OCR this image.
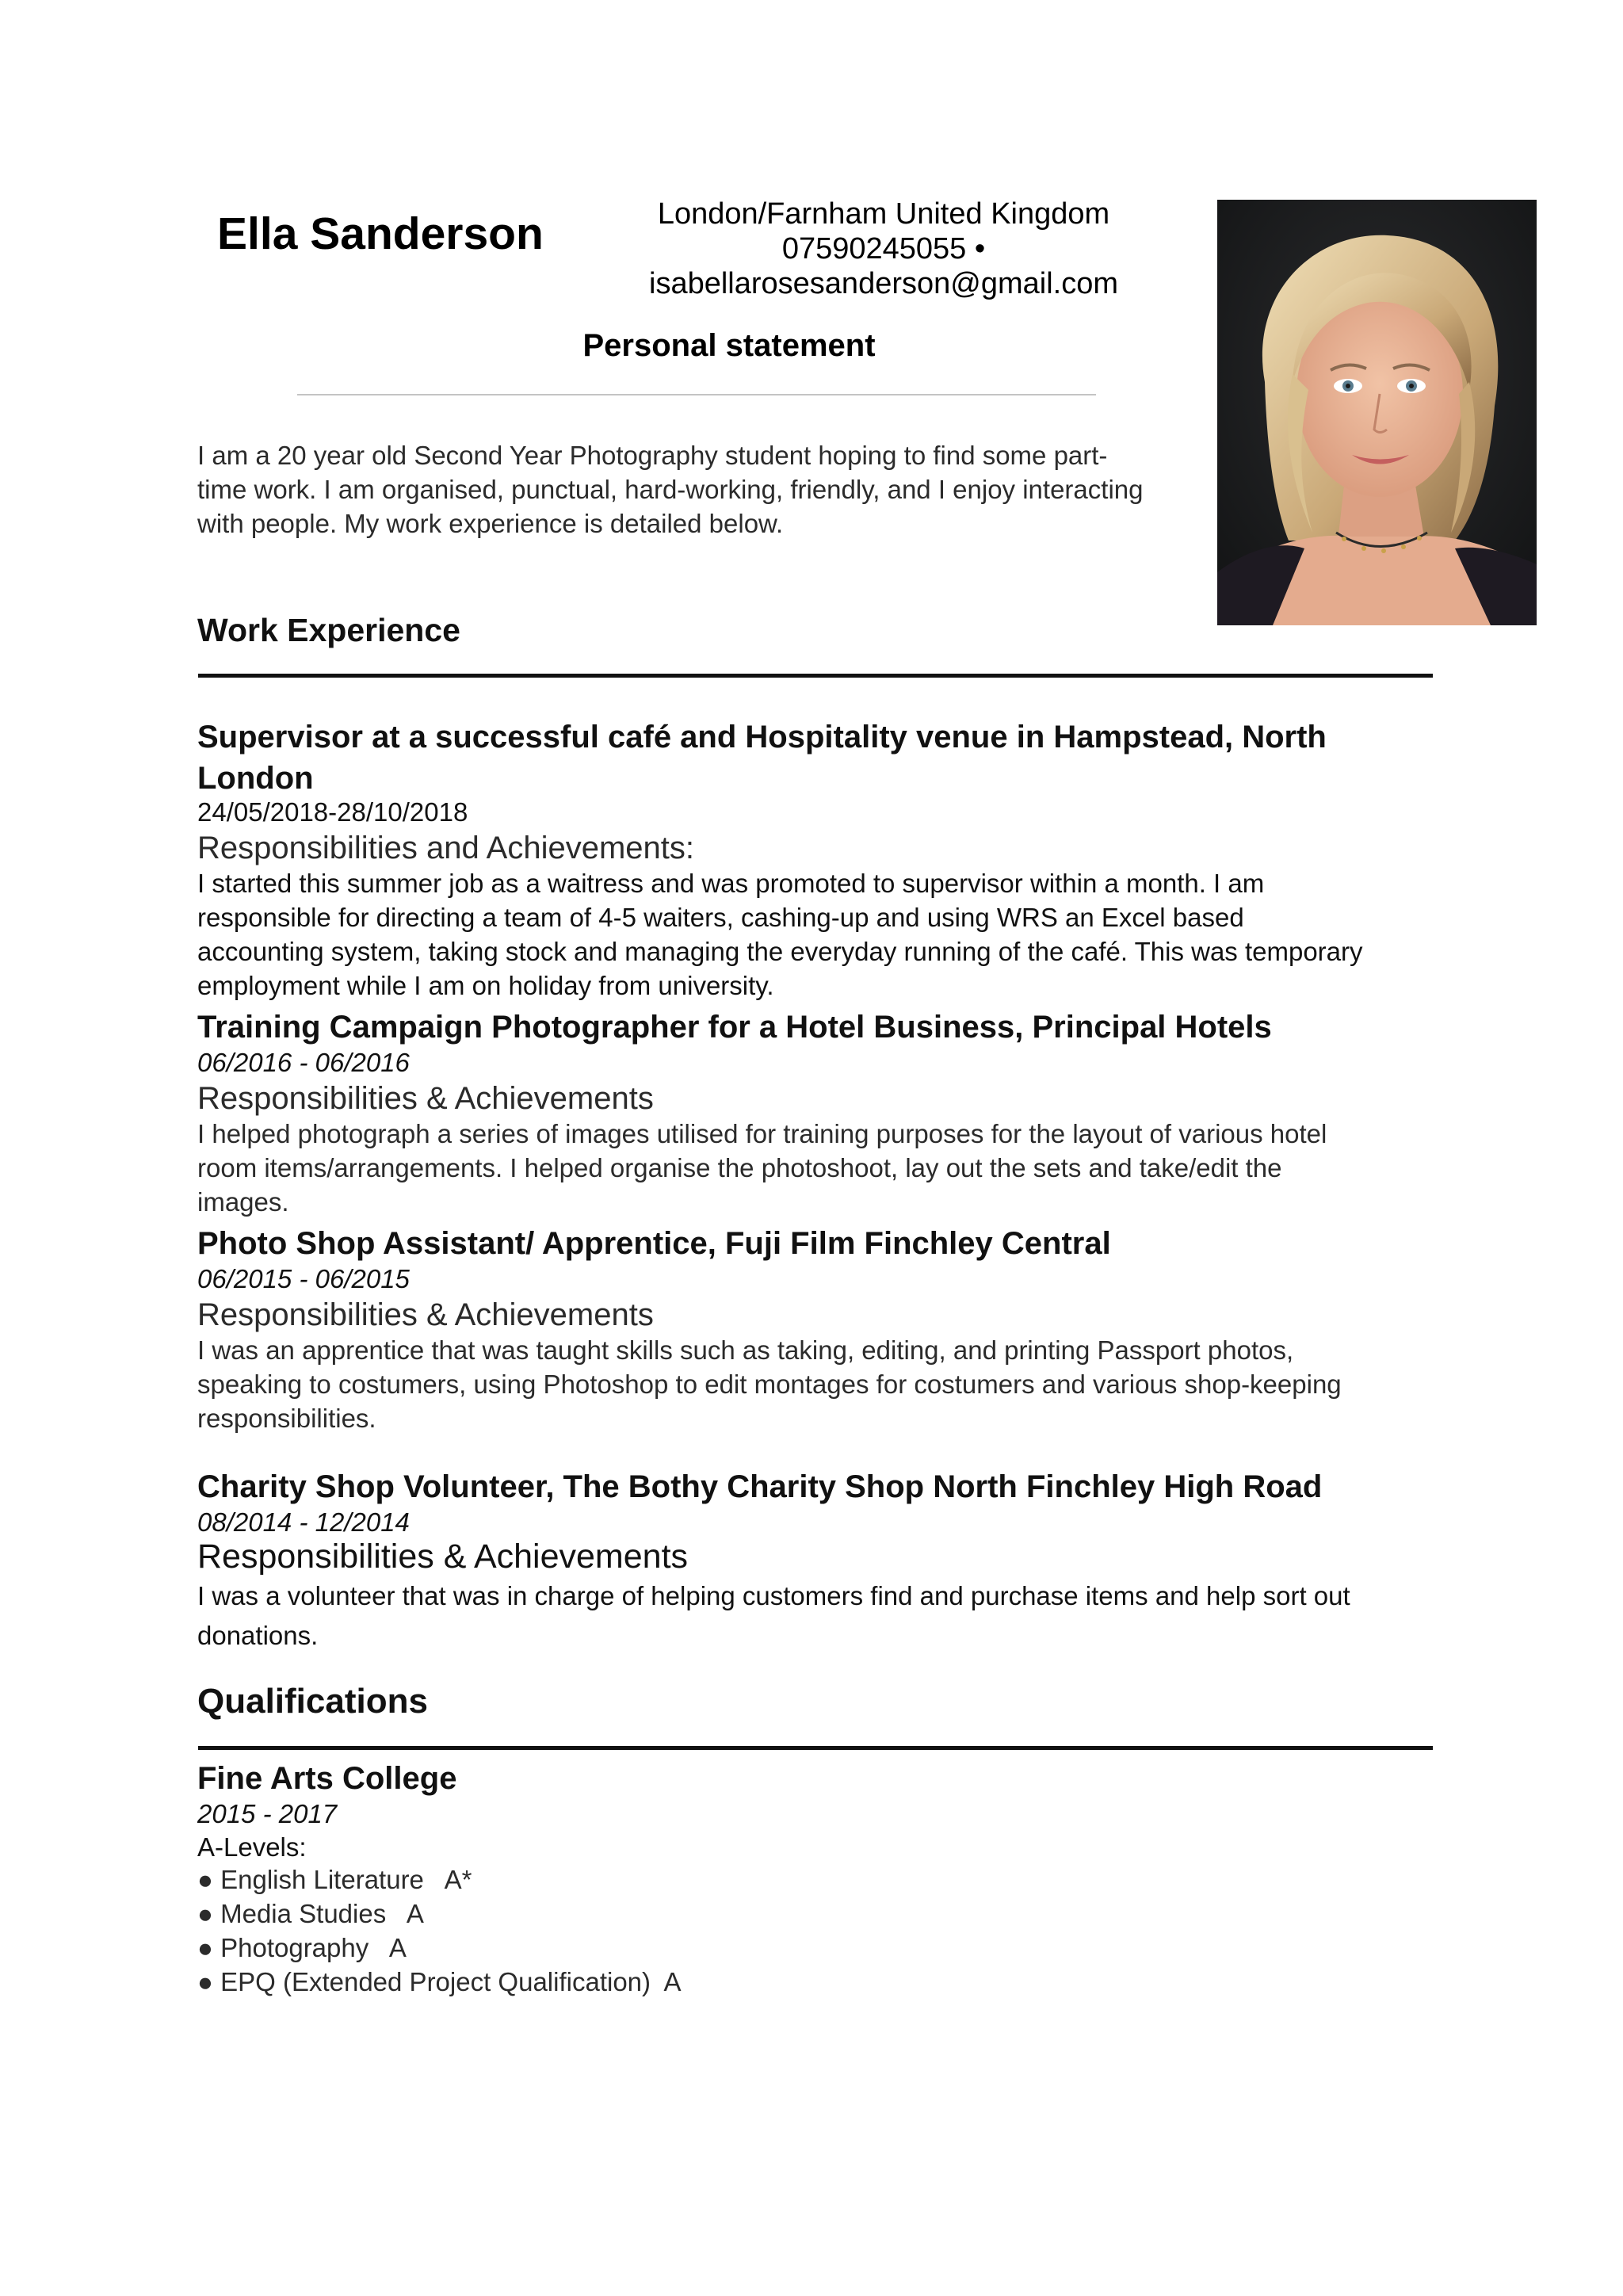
Ella Sanderson	London/Farnham United Kingdom
07590245055 •
isabellarosesanderson@gmail.com
Personal statement
I am a 20 year old Second Year Photography student hoping to find some part-
time work. I am organised, punctual, hard-working, friendly, and I enjoy interacting
with people. My work experience is detailed below.
Work Experience
Supervisor at a successful café and Hospitality venue in Hampstead, North
London
24/05/2018-28/10/2018
Responsibilities and Achievements:
I started this summer job as a waitress and was promoted to supervisor within a month. I am
responsible for directing a team of 4-5 waiters, cashing-up and using WRS an Excel based
accounting system, taking stock and managing the everyday running of the café. This was temporary
employment while I am on holiday from university.
Training Campaign Photographer for a Hotel Business, Principal Hotels
06/2016 - 06/2016
Responsibilities & Achievements
I helped photograph a series of images utilised for training purposes for the layout of various hotel
room items/arrangements. I helped organise the photoshoot, lay out the sets and take/edit the
images.
Photo Shop Assistant/ Apprentice, Fuji Film Finchley Central
06/2015 - 06/2015
Responsibilities & Achievements
I was an apprentice that was taught skills such as taking, editing, and printing Passport photos,
speaking to costumers, using Photoshop to edit montages for costumers and various shop-keeping
responsibilities.
Charity Shop Volunteer, The Bothy Charity Shop North Finchley High Road
08/2014 - 12/2014
Responsibilities & Achievements
I was a volunteer that was in charge of helping customers find and purchase items and help sort out
donations.
Qualifications
Fine Arts College
2015 - 2017
A-Levels:
● English Literature   A*
● Media Studies   A
● Photography   A
● EPQ (Extended Project Qualification)  A
